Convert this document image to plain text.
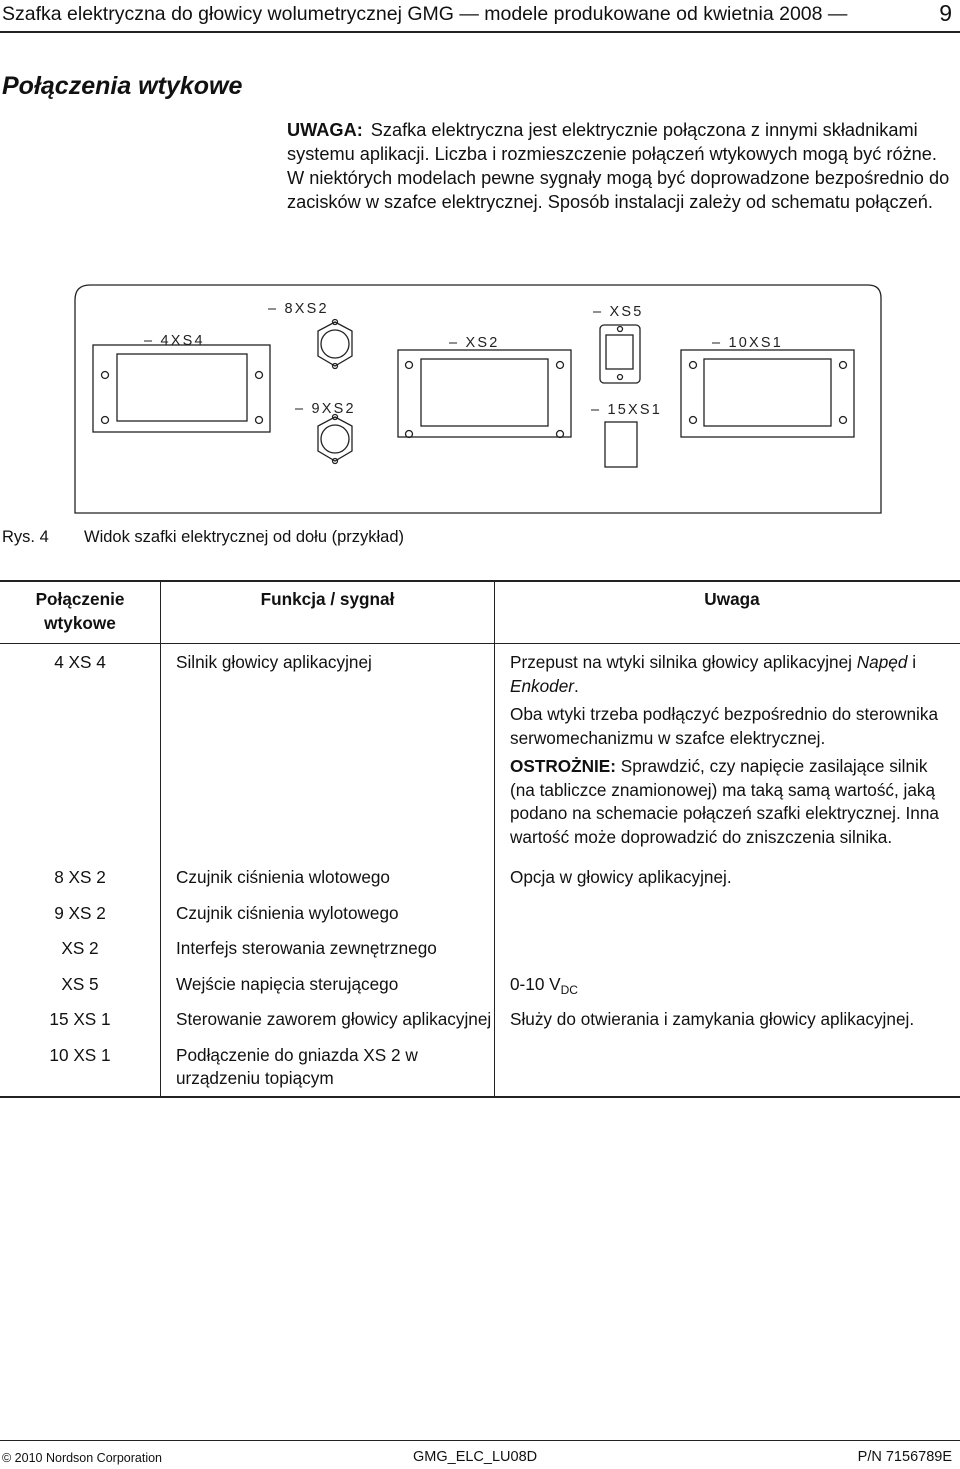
Szafka elektryczna do głowicy wolumetrycznej GMG — modele produkowane od kwietnia 2008 —	9
Połączenia wtykowe
UWAGA: Szafka elektryczna jest elektrycznie połączona z innymi składnikami systemu aplikacji. Liczba i rozmieszczenie połączeń wtykowych mogą być różne. W niektórych modelach pewne sygnały mogą być doprowadzone bezpośrednio do zacisków w szafce elektrycznej. Sposób instalacji zależy od schematu połączeń.
– 8XS2	– XS5
– 4XS4	– XS2	– 10XS1
– 9XS2	– 15XS1
Rys. 4 Widok szafki elektrycznej od dołu (przykład)
Połączenie wtykowe	Funkcja / sygnał	Uwaga
4 XS 4	Silnik głowicy aplikacyjnej	Przepust na wtyki silnika głowicy aplikacyjnej Napęd i Enkoder.
Oba wtyki trzeba podłączyć bezpośrednio do sterownika serwomechanizmu w szafce elektrycznej.
OSTROŻNIE: Sprawdzić, czy napięcie zasilające silnik (na tabliczce znamionowej) ma taką samą wartość, jaką podano na schemacie połączeń szafki elektrycznej. Inna wartość może doprowadzić do zniszczenia silnika.

8 XS 2	Czujnik ciśnienia wlotowego	Opcja w głowicy aplikacyjnej.
9 XS 2	Czujnik ciśnienia wylotowego	
XS 2	Interfejs sterowania zewnętrznego	
XS 5	Wejście napięcia sterującego	0-10 $V_{DC}$
15 XS 1	Sterowanie zaworem głowicy aplikacyjnej	Służy do otwierania i zamykania głowicy aplikacyjnej.
10 XS 1	Podłączenie do gniazda XS 2 w urządzeniu topiącym	
© 2010 Nordson Corporation	GMG_ELC_LU08D	P/N 7156789E
